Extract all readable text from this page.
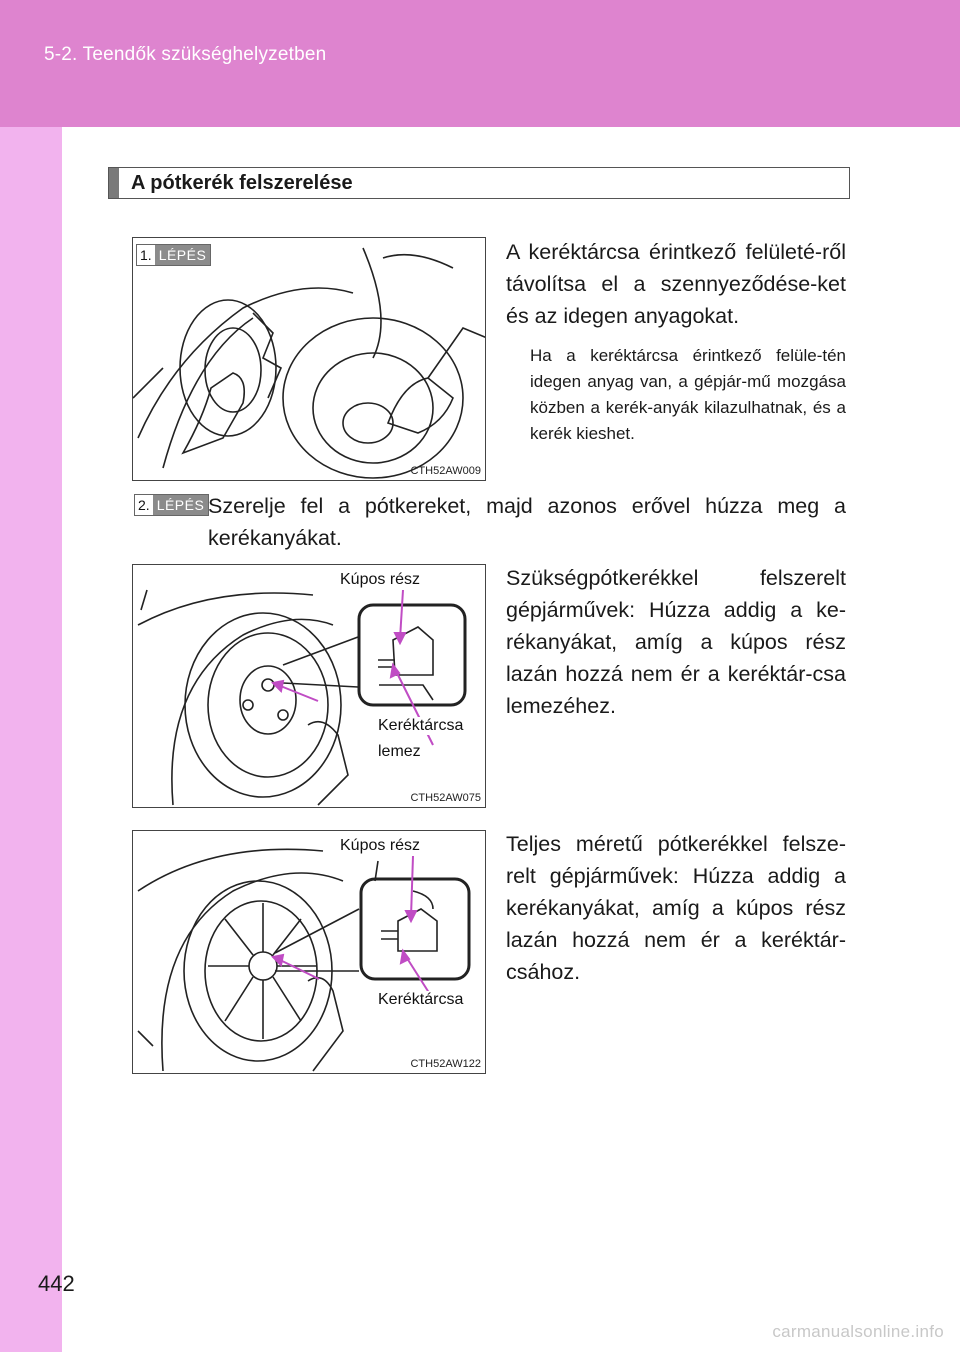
5-2. Teendők szükséghelyzetben
A pótkerék felszerelése
1. LÉPÉS
CTH52AW009
A keréktárcsa érintkező felületé-ről távolítsa el a szennyeződése-ket és az idegen anyagokat.
Ha a keréktárcsa érintkező felüle-tén idegen anyag van, a gépjár-mű mozgása közben a kerék-anyák kilazulhatnak, és a kerék kieshet.
2. LÉPÉS Szerelje fel a pótkereket, majd azonos erővel húzza meg a kerékanyákat.
Kúpos rész
Keréktárcsa
lemez
CTH52AW075
Szükségpótkerékkel felszerelt gépjárművek: Húzza addig a ke-rékanyákat, amíg a kúpos rész lazán hozzá nem ér a keréktár-csa lemezéhez.
Kúpos rész
Keréktárcsa
CTH52AW122
Teljes méretű pótkerékkel felsze-relt gépjárművek: Húzza addig a kerékanyákat, amíg a kúpos rész lazán hozzá nem ér a keréktár-csához.
442
carmanualsonline.info
